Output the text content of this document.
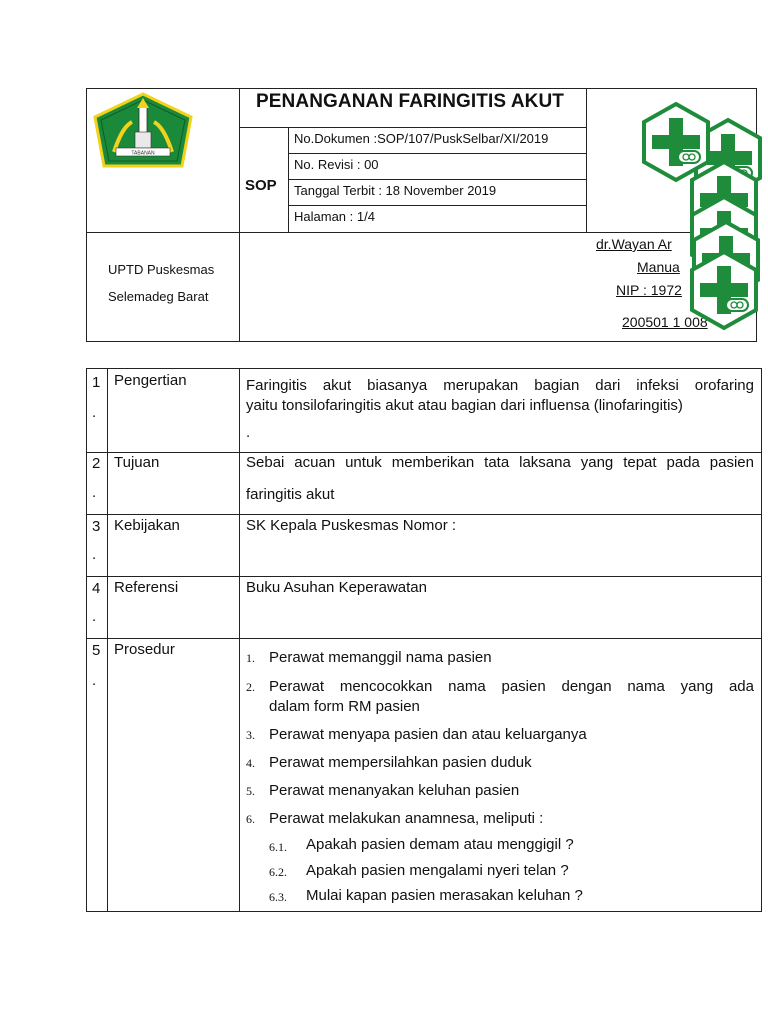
TABANAN
PENANGANAN FARINGITIS AKUT
SOP
No.Dokumen :SOP/107/PuskSelbar/XI/2019
No. Revisi : 00
Tanggal Terbit : 18 November 2019
Halaman : 1/4
UPTD Puskesmas
Selemadeg Barat
dr.Wayan Ar
Manua
NIP : 1972
200501 1 008
1
.
Pengertian	Faringitis akut biasanya merupakan bagian dari infeksi orofaring
yaitu tonsilofaringitis akut atau bagian dari influensa (linofaringitis)
.
2
.
Tujuan	Sebai acuan untuk memberikan tata laksana yang tepat pada pasien
faringitis akut
3
.
Kebijakan	SK Kepala Puskesmas Nomor :
4
.
Referensi	Buku Asuhan Keperawatan
5
.
Prosedur	1. Perawat memanggil nama pasien
2. Perawat mencocokkan nama pasien dengan nama yang ada
dalam form RM pasien
3. Perawat menyapa pasien dan atau keluarganya
4. Perawat mempersilahkan pasien duduk
5. Perawat menanyakan keluhan pasien
6. Perawat melakukan anamnesa, meliputi :
6.1. Apakah pasien demam atau menggigil ?
6.2. Apakah pasien mengalami nyeri telan ?
6.3. Mulai kapan pasien merasakan keluhan ?
